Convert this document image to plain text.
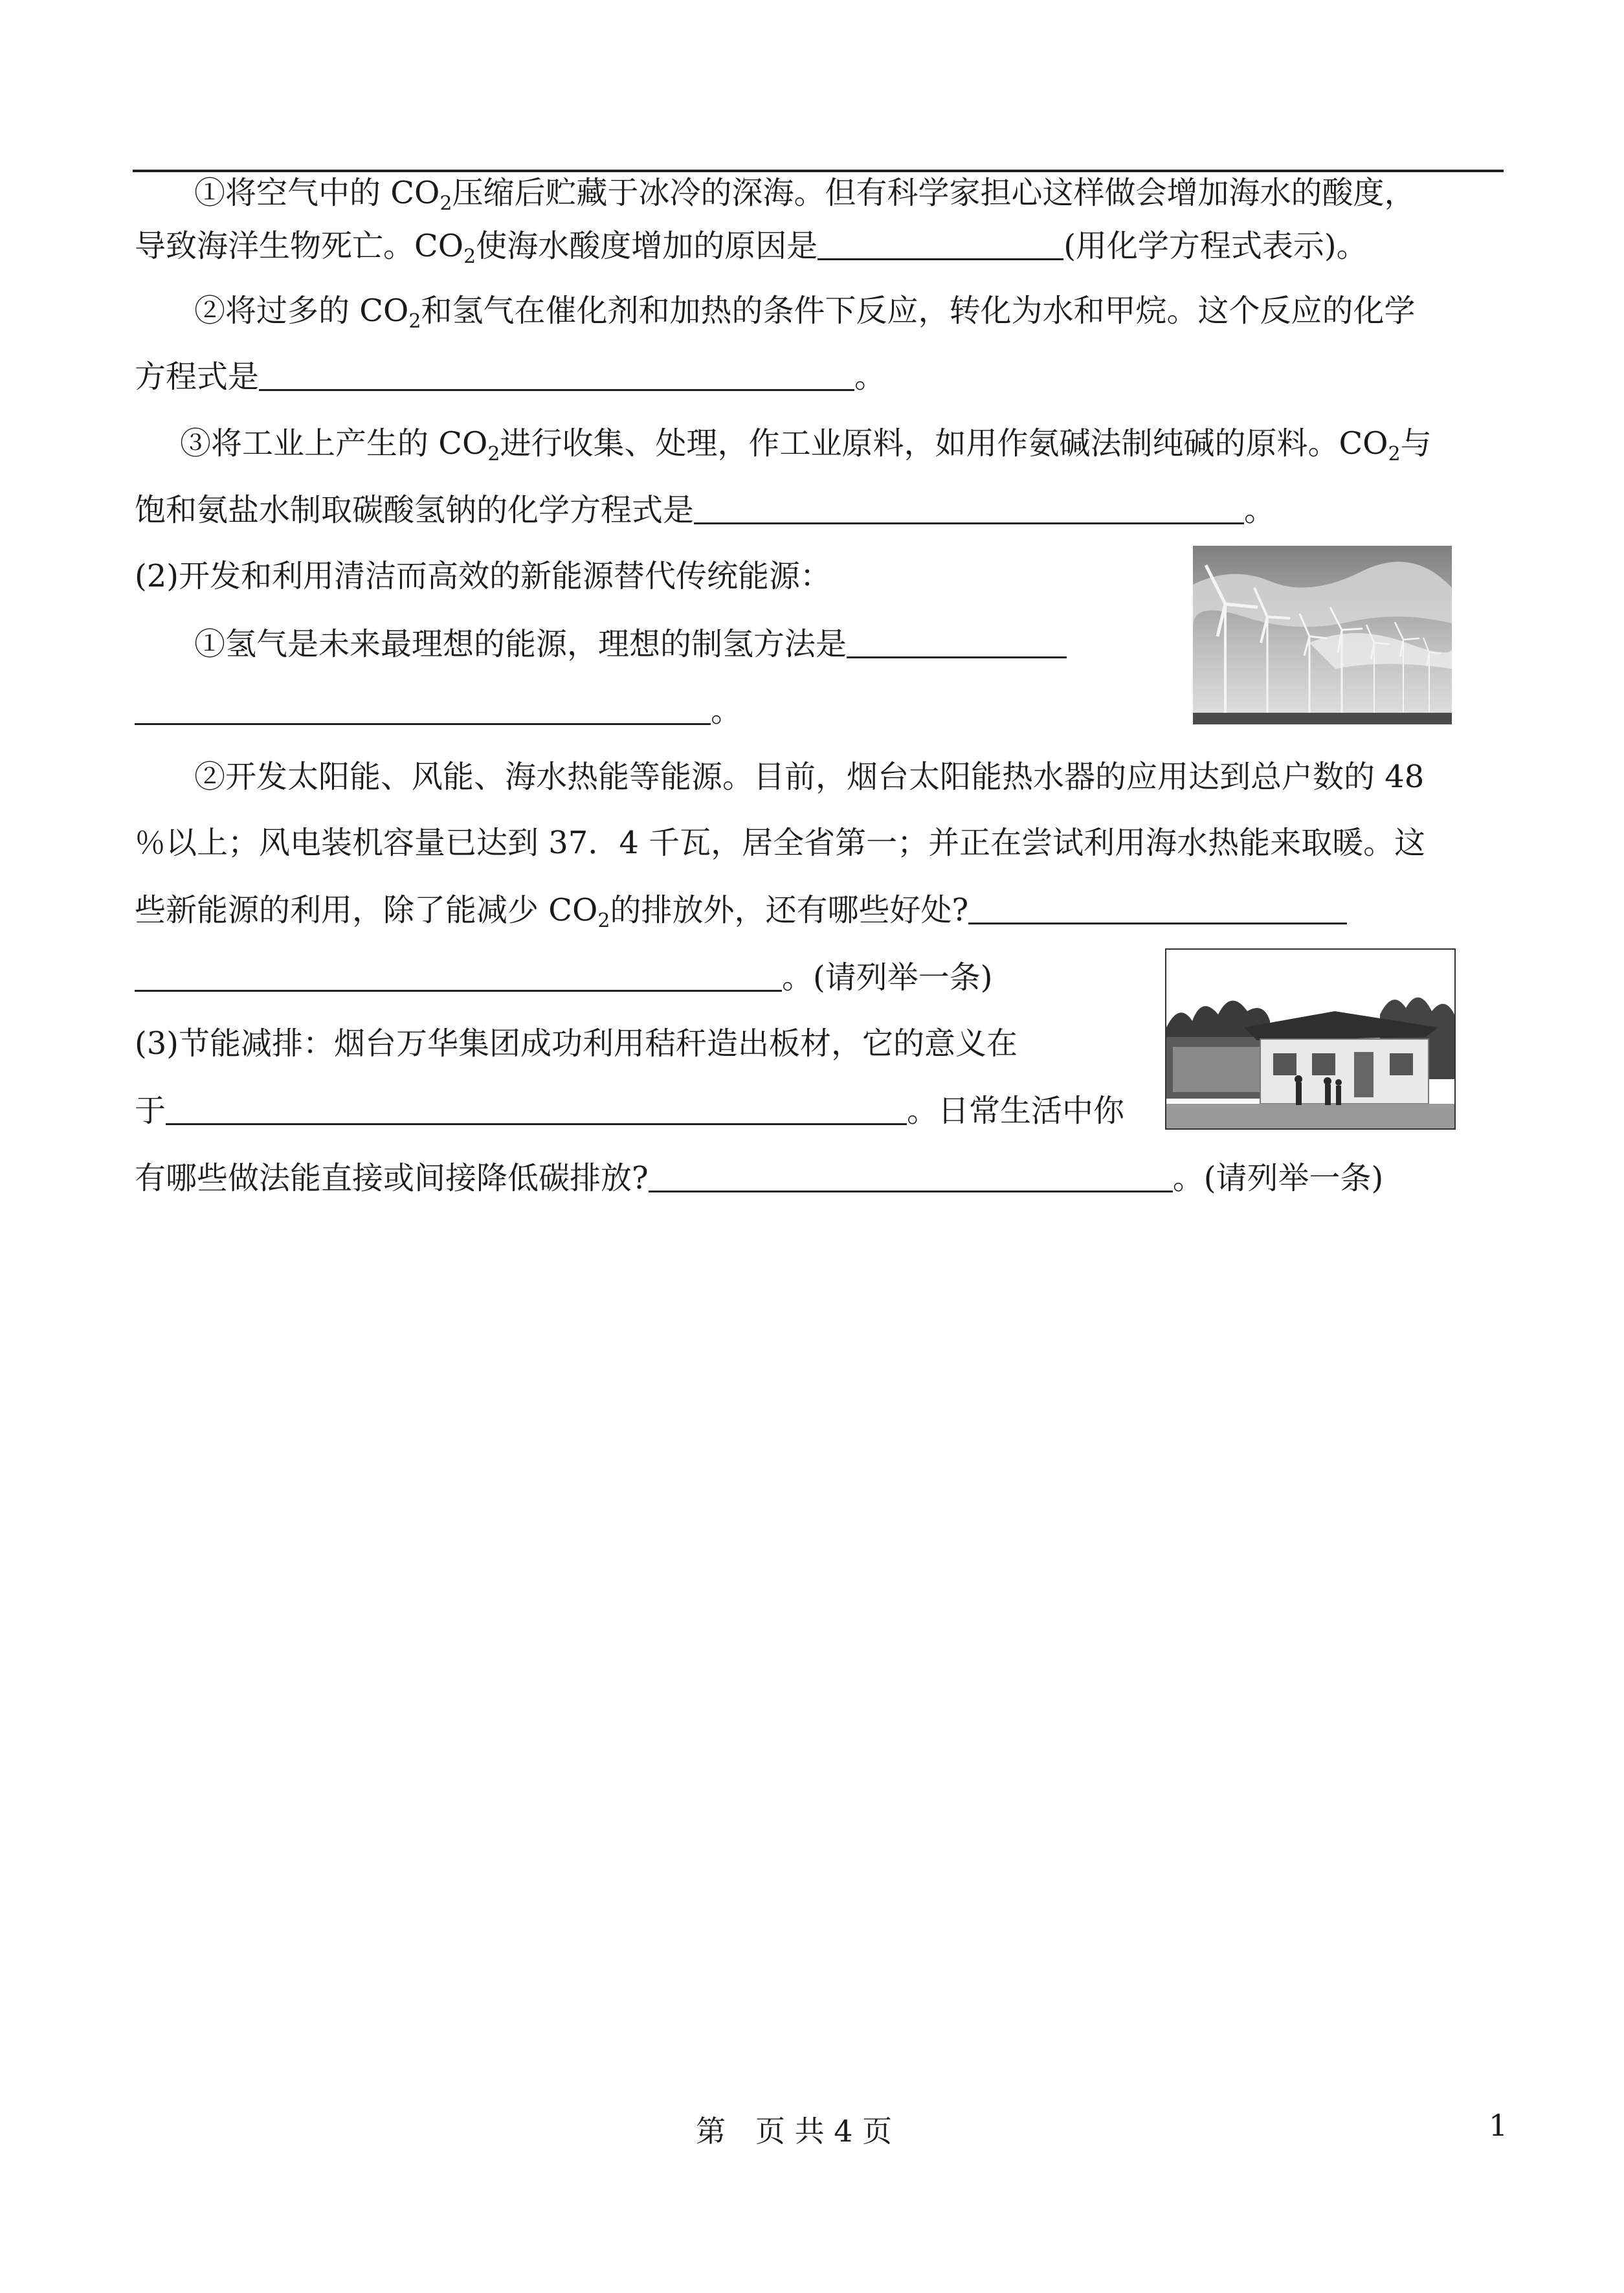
①将空气中的 $CO_2$压缩后贮藏于冰冷的深海。但有科学家担心这样做会增加海水的酸度，
导致海洋生物死亡。$CO_2$使海水酸度增加的原因是	(用化学方程式表示)。
②将过多的 $CO_2$和氢气在催化剂和加热的条件下反应，转化为水和甲烷。这个反应的化学
方程式是	。
③将工业上产生的 $CO_2$进行收集、处理，作工业原料，如用作氨碱法制纯碱的原料。$CO_2$与
饱和氨盐水制取碳酸氢钠的化学方程式是	。
(2)开发和利用清洁而高效的新能源替代传统能源：
①氢气是未来最理想的能源，理想的制氢方法是
。
②开发太阳能、风能、海水热能等能源。目前，烟台太阳能热水器的应用达到总户数的 48
％以上；风电装机容量已达到 37．4 千瓦，居全省第一；并正在尝试利用海水热能来取暖。这
些新能源的利用，除了能减少 $CO_2$的排放外，还有哪些好处?
。(请列举一条)
(3)节能减排：烟台万华集团成功利用秸秆造出板材，它的意义在
于	。日常生活中你
有哪些做法能直接或间接降低碳排放?	。(请列举一条)
第　页 共 4 页	1
